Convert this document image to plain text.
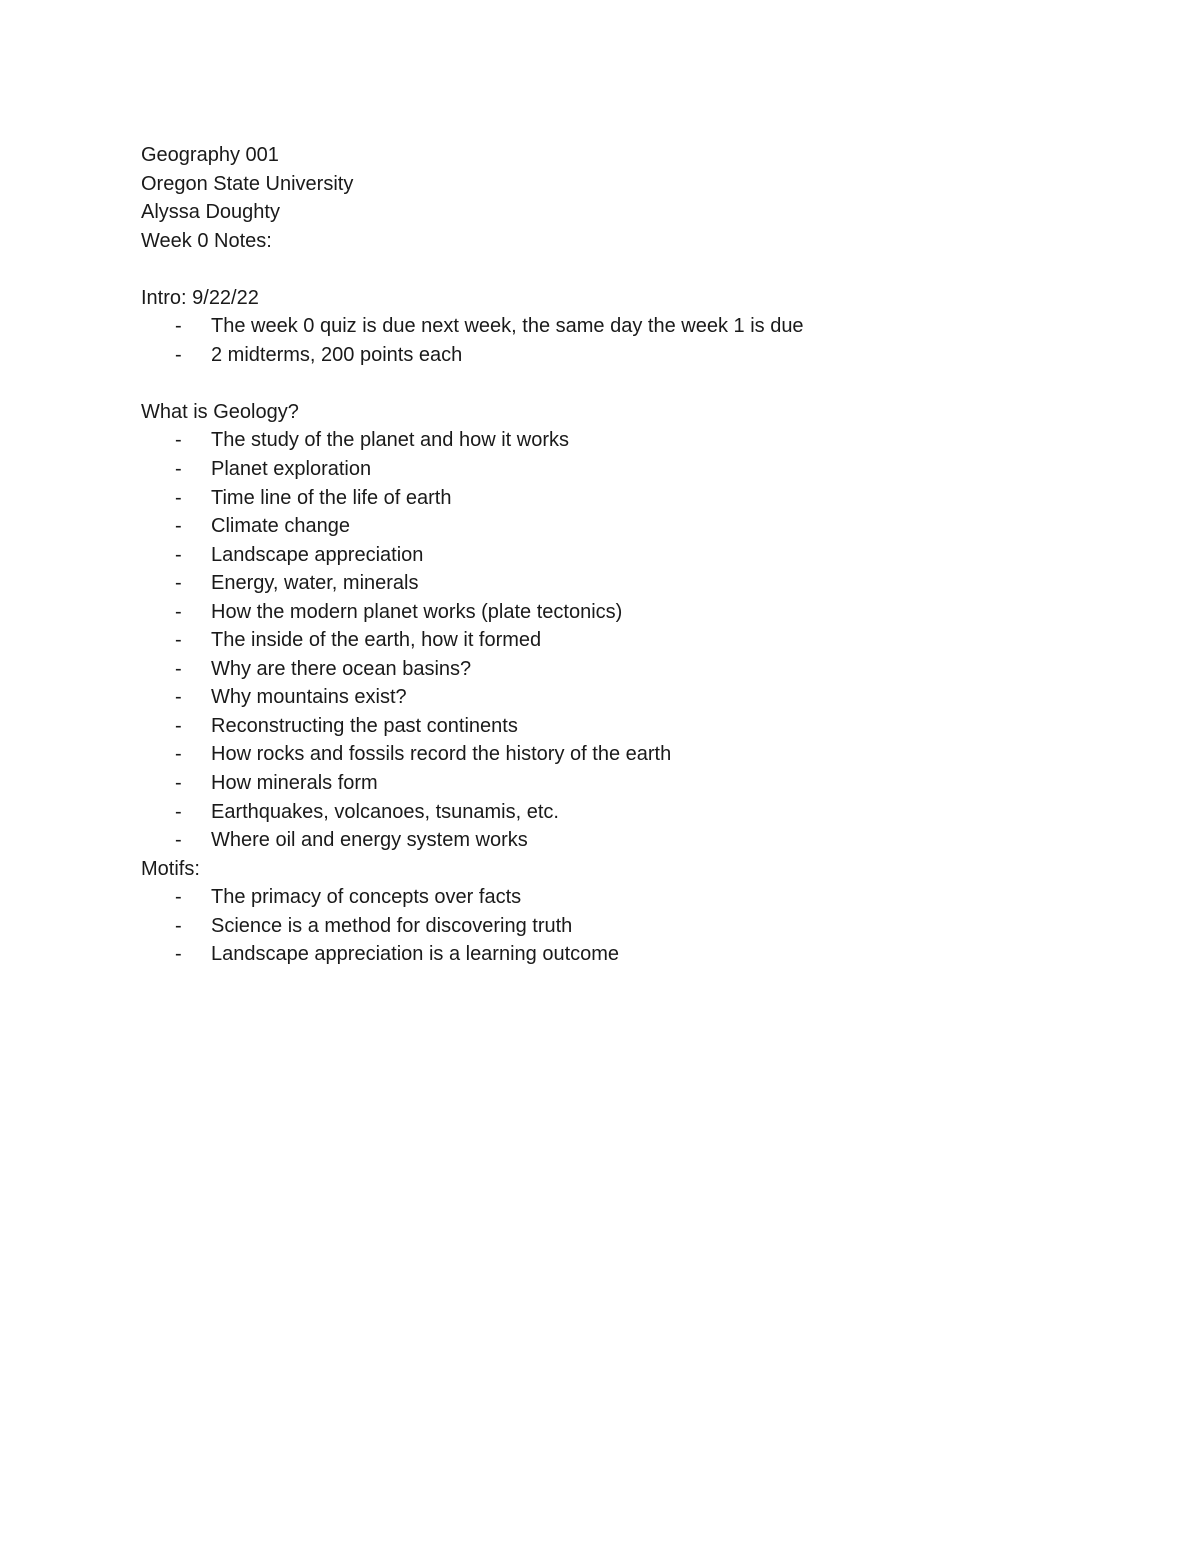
Geography 001
Oregon State University
Alyssa Doughty
Week 0 Notes:
Intro: 9/22/22
- The week 0 quiz is due next week, the same day the week 1 is due
- 2 midterms, 200 points each
What is Geology?
- The study of the planet and how it works
- Planet exploration
- Time line of the life of earth
- Climate change
- Landscape appreciation
- Energy, water, minerals
- How the modern planet works (plate tectonics)
- The inside of the earth, how it formed
- Why are there ocean basins?
- Why mountains exist?
- Reconstructing the past continents
- How rocks and fossils record the history of the earth
- How minerals form
- Earthquakes, volcanoes, tsunamis, etc.
- Where oil and energy system works
Motifs:
- The primacy of concepts over facts
- Science is a method for discovering truth
- Landscape appreciation is a learning outcome
